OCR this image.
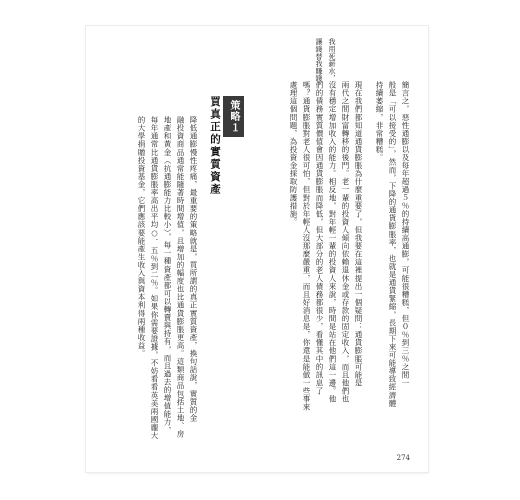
我用死薪水，

讓錢替我賺錢

簡言之，惡性通膨以及每年超過５％的持續高通膨，可能很糟糕，但０％到三％之間一

般是「可以接受的」，然而，下降的通貨膨脹率，也就是通貨緊縮，長期下來可能導致經濟體

持續萎縮，非常糟糕。

現在我們都知道通貨膨脹為什麼重要了，但我要在這裡提出一個疑問：通貨膨脹可能是

兩代之間財富轉移的後門。老一輩的投資人傾向依賴退休金或存款的固定收入，而且他們也

沒有穩定增加收入的能力。相反地，對年輕一輩的投資人來說，時間是站在他們這一邊。他

們的債務實質價值會因通貨膨脹而降低，但大部分的老人債務都很少，看懂其中的訊息了

嗎？通貨膨脹對老人很可怕，但對於年輕人沒那麼嚴重，而且好消息是，你還是能做一些事來

處理這個問題，為投資金採取防護措施。

策略１
買真正的實質資產

降低通膨慢性疼痛，最重要的策略就是，買所謂的真正實質資產，換句話說，實質的金

融投資商品通常能隨著時間增值，且增加的幅度也比通貨膨脹更高。這類商品包括土地、房

地產和黃金（抗通膨能力比較小），每一種資產都可以轉賣與持有，而且過去的增值能力，

每年通常比通貨膨脹率高出平均○．五％到二％。如果你需要證據，不妨看看英美兩國龐大

的大學捐贈投資基金，它們應該要能產生收入與資本利得兩種收益。

274
